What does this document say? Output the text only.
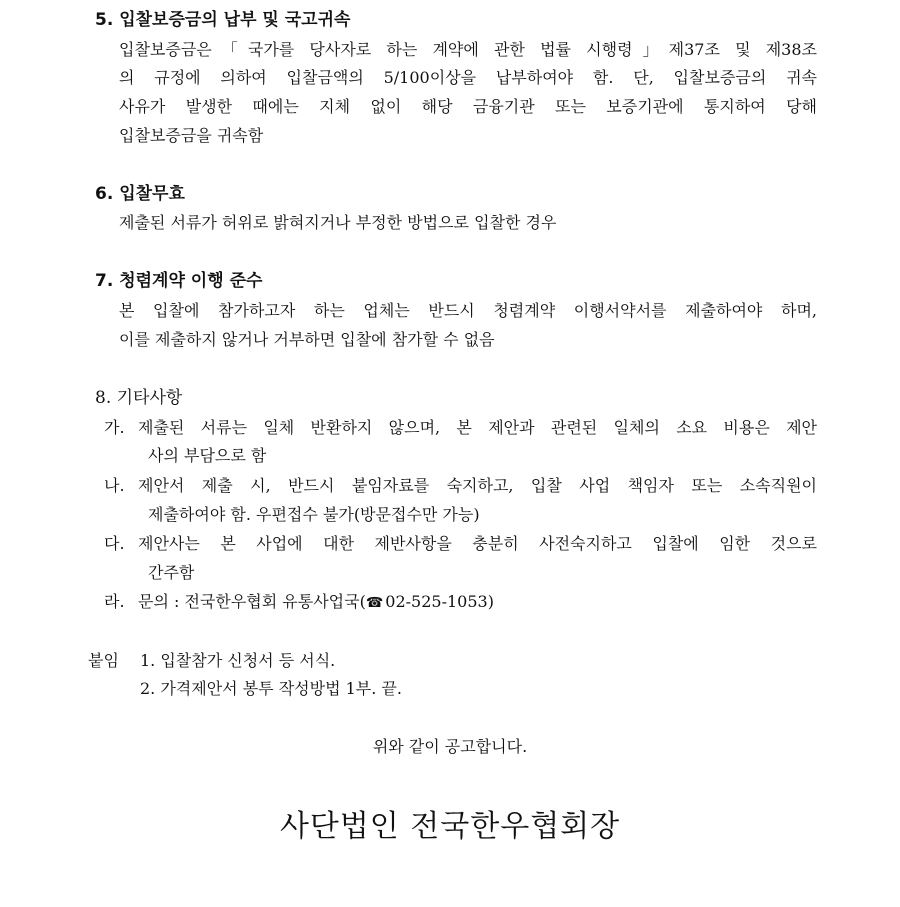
5. 입찰보증금의 납부 및 국고귀속
입찰보증금은「국가를 당사자로 하는 계약에 관한 법률 시행령」제37조 및 제38조
의 규정에 의하여 입찰금액의 5/100이상을 납부하여야 함. 단, 입찰보증금의 귀속
사유가 발생한 때에는 지체 없이 해당 금융기관 또는 보증기관에 통지하여 당해
입찰보증금을 귀속함
6. 입찰무효
제출된 서류가 허위로 밝혀지거나 부정한 방법으로 입찰한 경우
7. 청렴계약 이행 준수
본 입찰에 참가하고자 하는 업체는 반드시 청렴계약 이행서약서를 제출하여야 하며,
이를 제출하지 않거나 거부하면 입찰에 참가할 수 없음
8. 기타사항
가. 제출된 서류는 일체 반환하지 않으며, 본 제안과 관련된 일체의 소요 비용은 제안
사의 부담으로 함
나. 제안서 제출 시, 반드시 붙임자료를 숙지하고, 입찰 사업 책임자 또는 소속직원이
제출하여야 함. 우편접수 불가(방문접수만 가능)
다. 제안사는 본 사업에 대한 제반사항을 충분히 사전숙지하고 입찰에 임한 것으로
간주함
라. 문의 : 전국한우협회 유통사업국(☎ 02-525-1053)
붙임 1. 입찰참가 신청서 등 서식.
2. 가격제안서 봉투 작성방법 1부. 끝.
위와 같이 공고합니다.
사단법인 전국한우협회장
